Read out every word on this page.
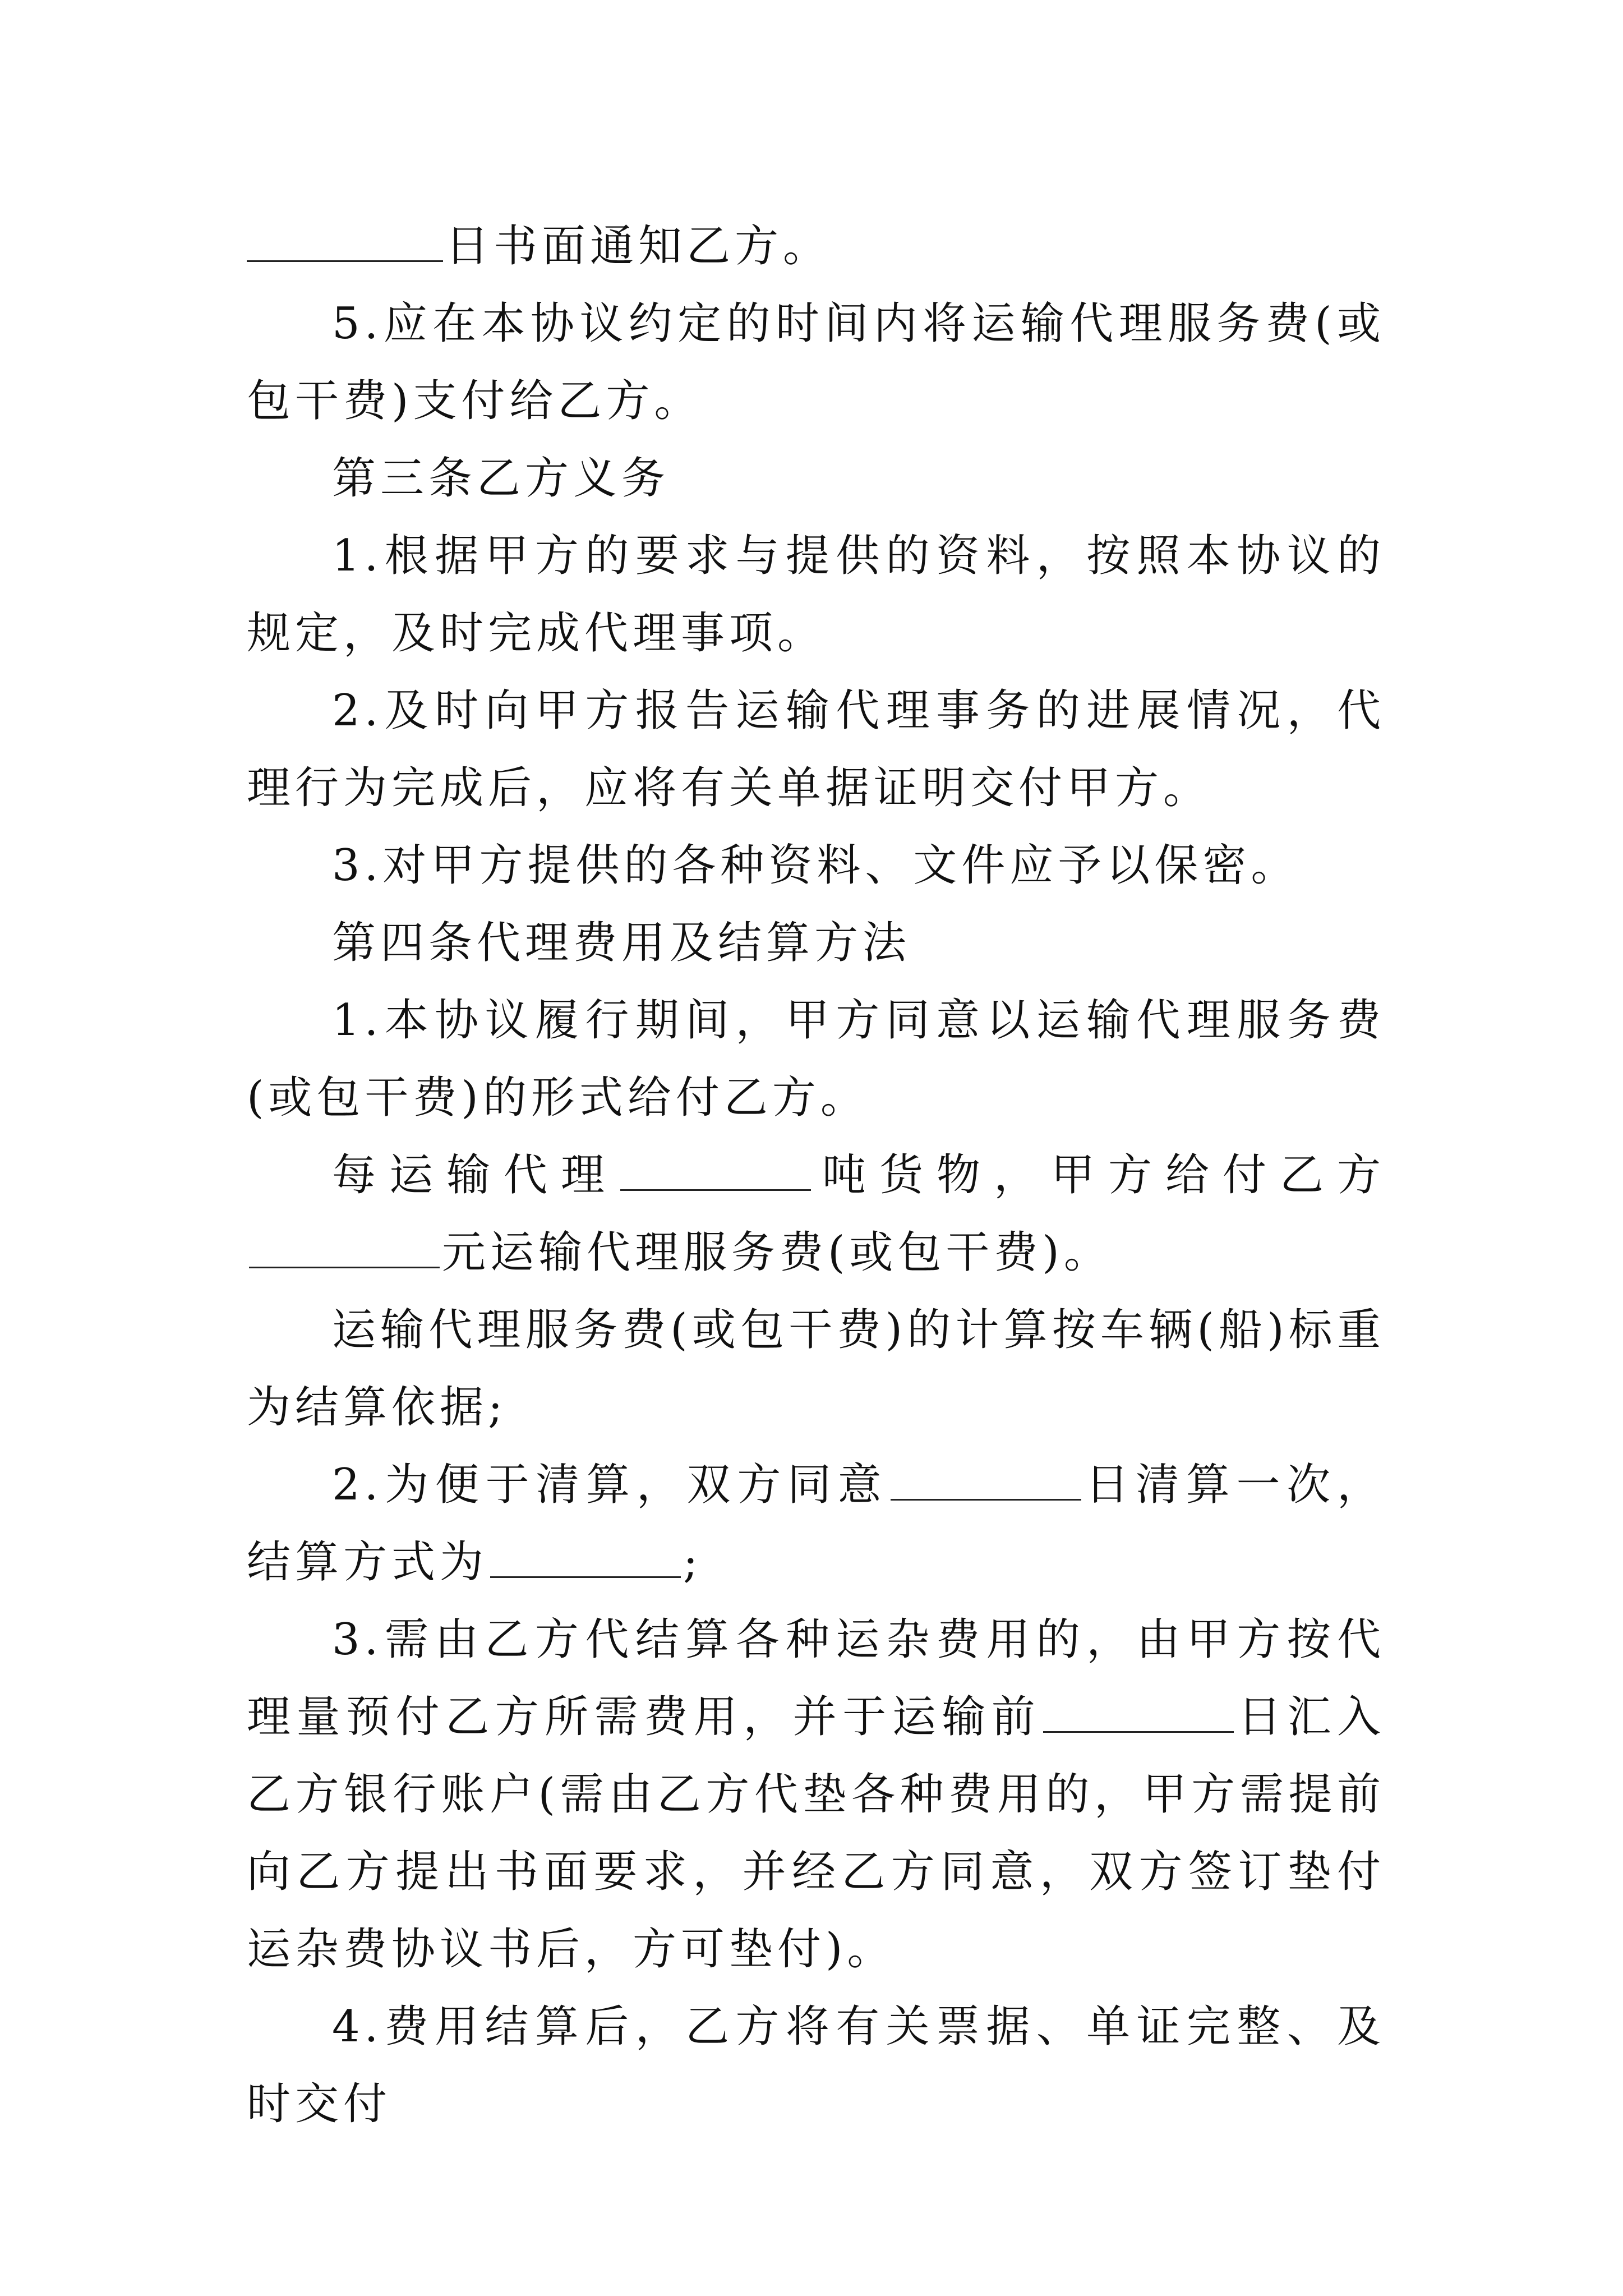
日书面通知乙方。

5.应在本协议约定的时间内将运输代理服务费(或包干费)支付给乙方。

第三条乙方义务

1.根据甲方的要求与提供的资料，按照本协议的规定，及时完成代理事项。

2.及时向甲方报告运输代理事务的进展情况，代理行为完成后，应将有关单据证明交付甲方。

3.对甲方提供的各种资料、文件应予以保密。

第四条代理费用及结算方法

1.本协议履行期间，甲方同意以运输代理服务费(或包干费)的形式给付乙方。

每运输代理	吨货物，甲方给付乙方元运输代理服务费(或包干费)。

运输代理服务费(或包干费)的计算按车辆(船)标重为结算依据;

2.为便于清算，双方同意	日清算一次，结算方式为	;

3.需由乙方代结算各种运杂费用的，由甲方按代理量预付乙方所需费用，并于运输前	日汇入乙方银行账户(需由乙方代垫各种费用的，甲方需提前向乙方提出书面要求，并经乙方同意，双方签订垫付运杂费协议书后，方可垫付)。

4.费用结算后，乙方将有关票据、单证完整、及时交付
